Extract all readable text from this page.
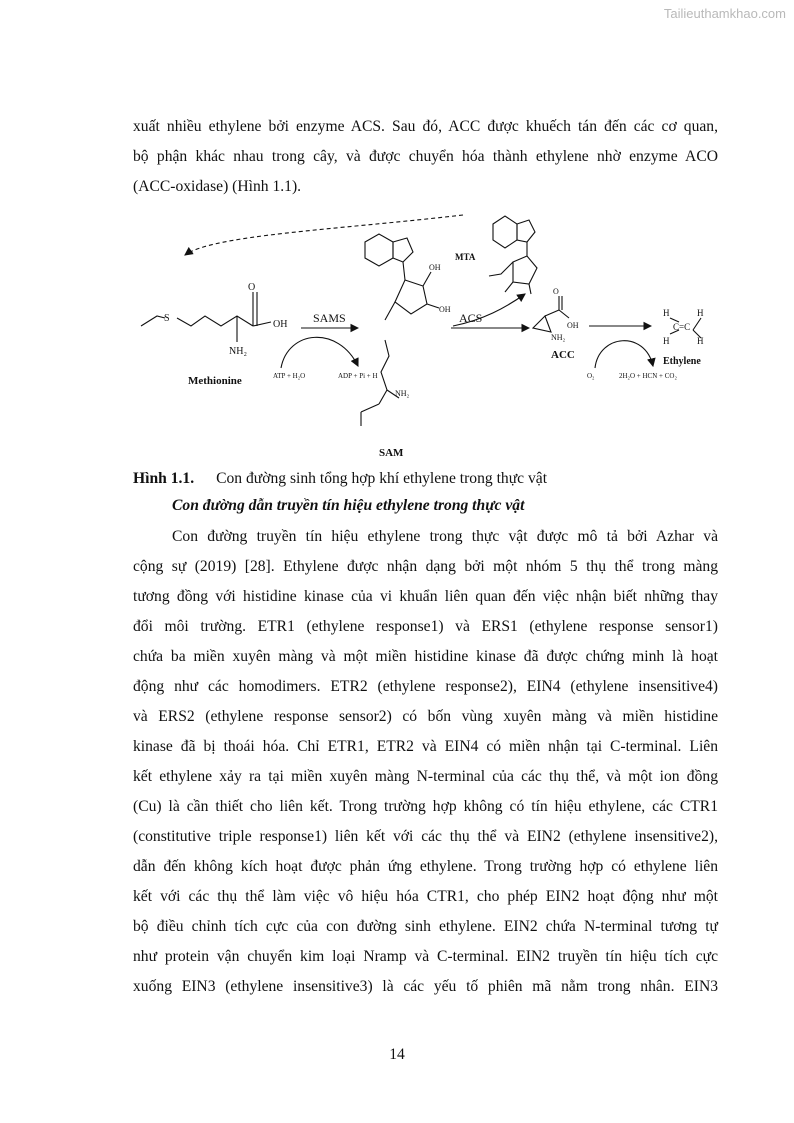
Tailieuthamkhao.com
xuất nhiều ethylene bởi enzyme ACS. Sau đó, ACC được khuếch tán đến các cơ quan,
bộ phận khác nhau trong cây, và được chuyển hóa thành ethylene nhờ enzyme ACO
(ACC-oxidase) (Hình 1.1).
S
O
OH
NH₂
Methionine
SAMS
ATP + H₂O	ADP + Pi + H
OH
OH
NH₂
SAM
MTA
ACS
O
OH
NH₂
ACC
H	H
C=C
H	H
Ethylene
O₂	2H₂O + HCN + CO₂
Hình 1.1. Con đường sinh tổng hợp khí ethylene trong thực vật
Con đường dẫn truyền tín hiệu ethylene trong thực vật
Con đường truyền tín hiệu ethylene trong thực vật được mô tả bởi Azhar và
cộng sự (2019) [28]. Ethylene được nhận dạng bởi một nhóm 5 thụ thể trong màng
tương đồng với histidine kinase của vi khuẩn liên quan đến việc nhận biết những thay
đổi môi trường. ETR1 (ethylene response1) và ERS1 (ethylene response sensor1)
chứa ba miền xuyên màng và một miền histidine kinase đã được chứng minh là hoạt
động như các homodimers. ETR2 (ethylene response2), EIN4 (ethylene insensitive4)
và ERS2 (ethylene response sensor2) có bốn vùng xuyên màng và miền histidine
kinase đã bị thoái hóa. Chỉ ETR1, ETR2 và EIN4 có miền nhận tại C-terminal. Liên
kết ethylene xảy ra tại miền xuyên màng N-terminal của các thụ thể, và một ion đồng
(Cu) là cần thiết cho liên kết. Trong trường hợp không có tín hiệu ethylene, các CTR1
(constitutive triple response1) liên kết với các thụ thể và EIN2 (ethylene insensitive2),
dẫn đến không kích hoạt được phản ứng ethylene. Trong trường hợp có ethylene liên
kết với các thụ thể làm việc vô hiệu hóa CTR1, cho phép EIN2 hoạt động như một
bộ điều chỉnh tích cực của con đường sinh ethylene. EIN2 chứa N-terminal tương tự
như protein vận chuyển kim loại Nramp và C-terminal. EIN2 truyền tín hiệu tích cực
xuống EIN3 (ethylene insensitive3) là các yếu tố phiên mã nằm trong nhân. EIN3
14
